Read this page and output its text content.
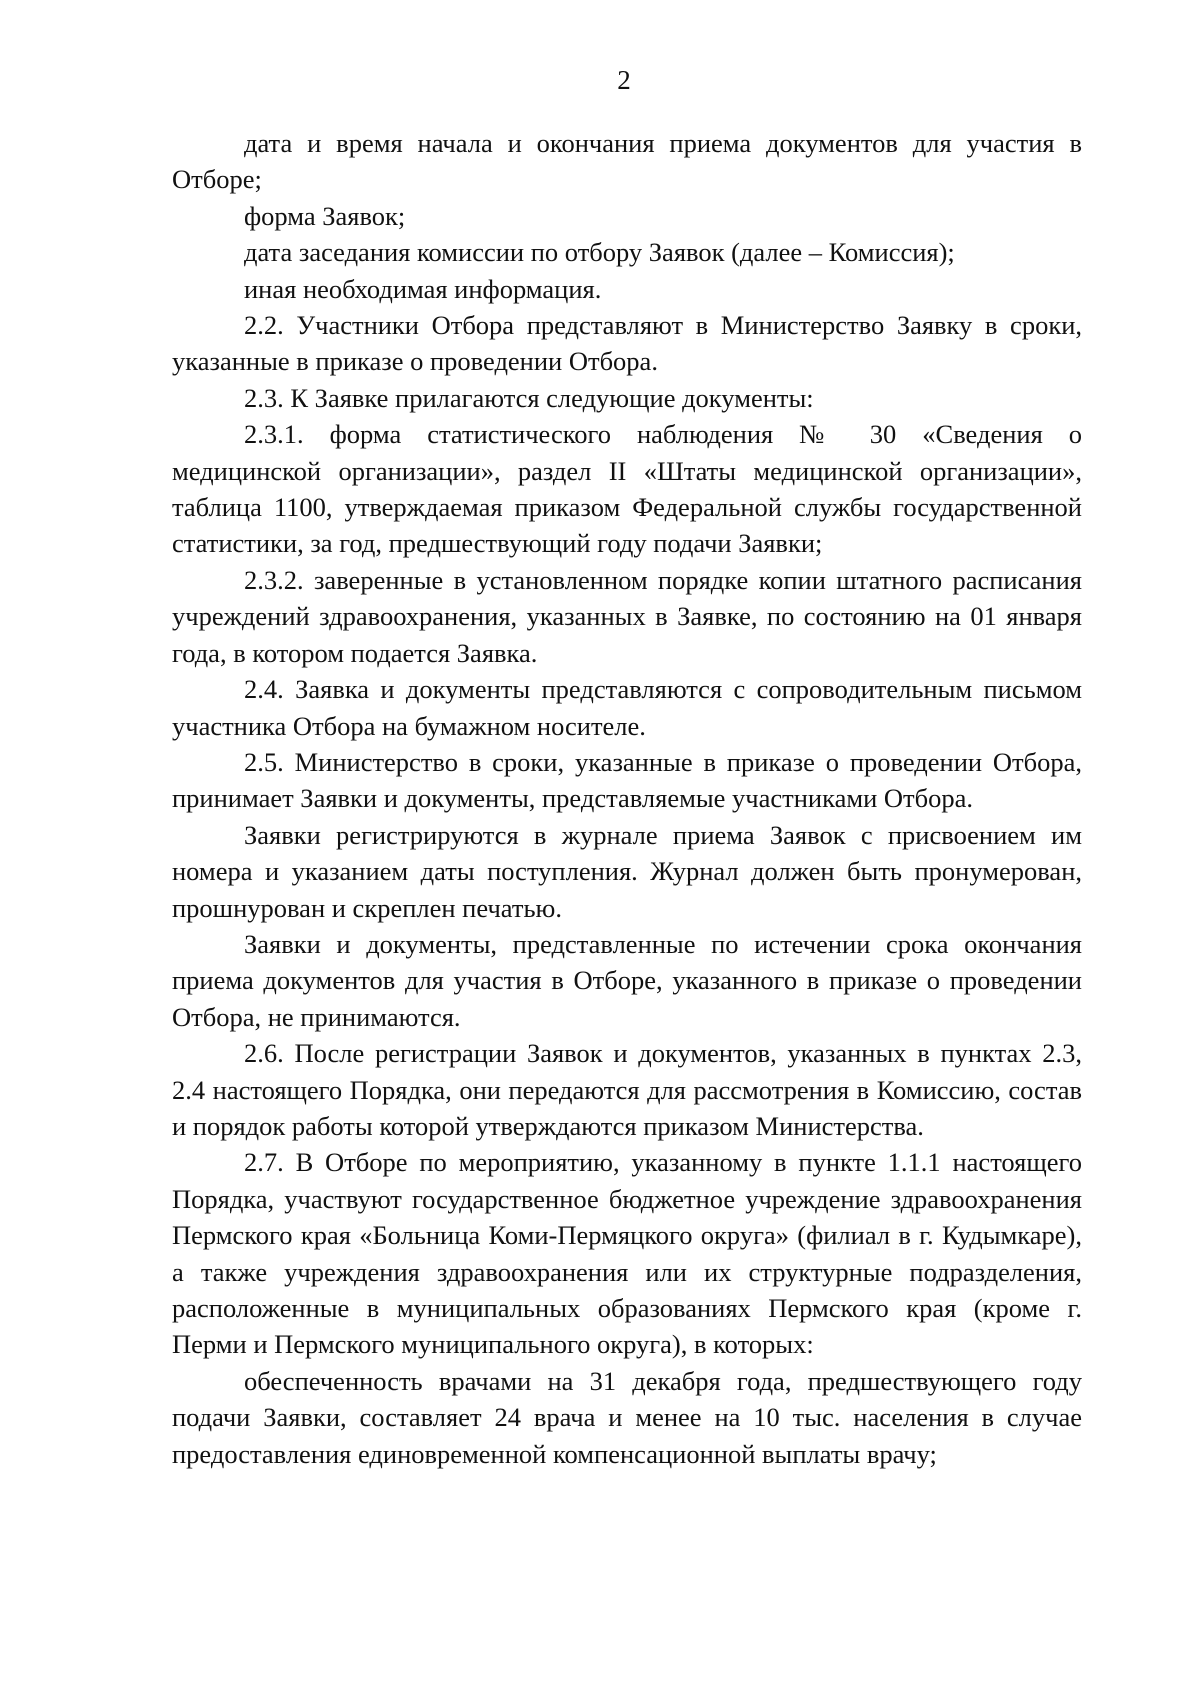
2

дата и время начала и окончания приема документов для участия в Отборе;

форма Заявок;

дата заседания комиссии по отбору Заявок (далее – Комиссия);

иная необходимая информация.

2.2. Участники Отбора представляют в Министерство Заявку в сроки, указанные в приказе о проведении Отбора.

2.3. К Заявке прилагаются следующие документы:

2.3.1. форма статистического наблюдения № 30 «Сведения о медицинской организации», раздел II «Штаты медицинской организации», таблица 1100, утверждаемая приказом Федеральной службы государственной статистики, за год, предшествующий году подачи Заявки;

2.3.2. заверенные в установленном порядке копии штатного расписания учреждений здравоохранения, указанных в Заявке, по состоянию на 01 января года, в котором подается Заявка.

2.4. Заявка и документы представляются с сопроводительным письмом участника Отбора на бумажном носителе.

2.5. Министерство в сроки, указанные в приказе о проведении Отбора, принимает Заявки и документы, представляемые участниками Отбора.

Заявки регистрируются в журнале приема Заявок с присвоением им номера и указанием даты поступления. Журнал должен быть пронумерован, прошнурован и скреплен печатью.

Заявки и документы, представленные по истечении срока окончания приема документов для участия в Отборе, указанного в приказе о проведении Отбора, не принимаются.

2.6. После регистрации Заявок и документов, указанных в пунктах 2.3, 2.4 настоящего Порядка, они передаются для рассмотрения в Комиссию, состав и порядок работы которой утверждаются приказом Министерства.

2.7. В Отборе по мероприятию, указанному в пункте 1.1.1 настоящего Порядка, участвуют государственное бюджетное учреждение здравоохранения Пермского края «Больница Коми-Пермяцкого округа» (филиал в г. Кудымкаре), а также учреждения здравоохранения или их структурные подразделения, расположенные в муниципальных образованиях Пермского края (кроме г. Перми и Пермского муниципального округа), в которых:

обеспеченность врачами на 31 декабря года, предшествующего году подачи Заявки, составляет 24 врача и менее на 10 тыс. населения в случае предоставления единовременной компенсационной выплаты врачу;
